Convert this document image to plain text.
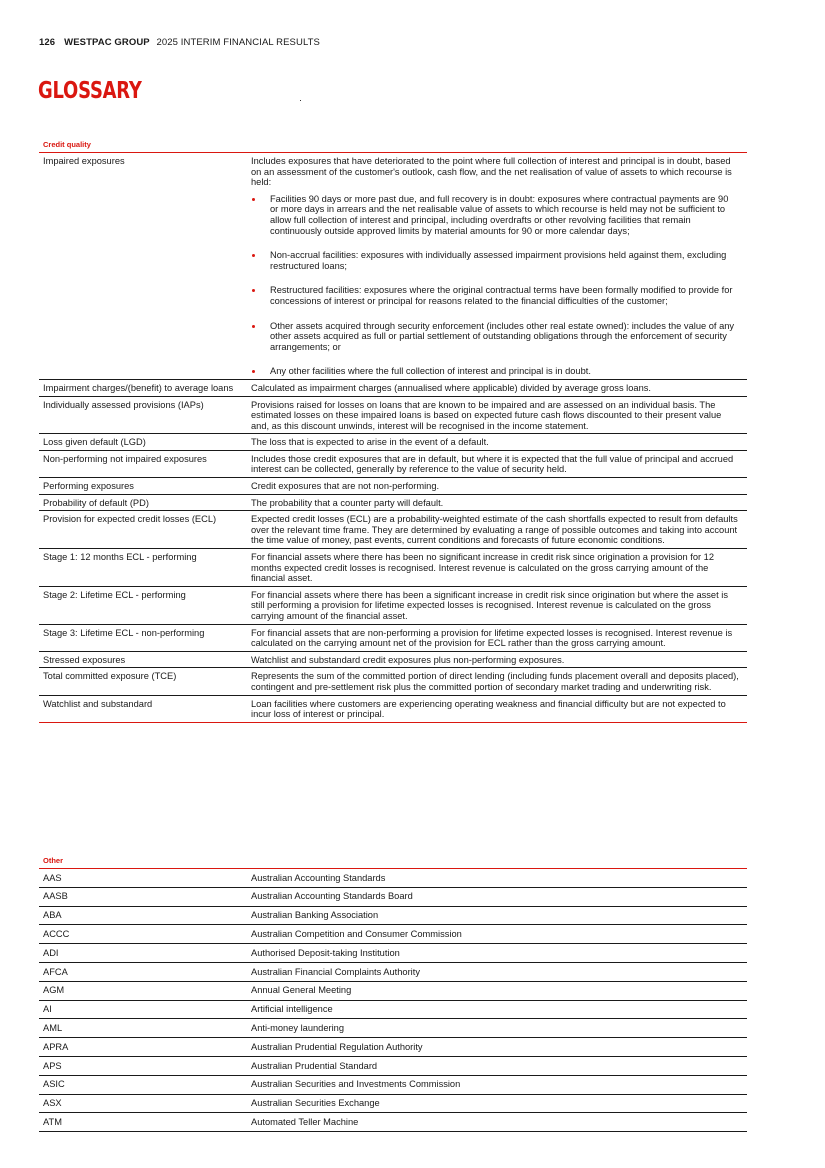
126 WESTPAC GROUP 2025 INTERIM FINANCIAL RESULTS
GLOSSARY
Credit quality
Impaired exposures	Includes exposures that have deteriorated to the point where full collection of interest and principal is in doubt, based on an assessment of the customer's outlook, cash flow, and the net realisation of value of assets to which recourse is held:
Facilities 90 days or more past due, and full recovery is in doubt: exposures where contractual payments are 90 or more days in arrears and the net realisable value of assets to which recourse is held may not be sufficient to allow full collection of interest and principal, including overdrafts or other revolving facilities that remain continuously outside approved limits by material amounts for 90 or more calendar days;
Non-accrual facilities: exposures with individually assessed impairment provisions held against them, excluding restructured loans;
Restructured facilities: exposures where the original contractual terms have been formally modified to provide for concessions of interest or principal for reasons related to the financial difficulties of the customer;
Other assets acquired through security enforcement (includes other real estate owned): includes the value of any other assets acquired as full or partial settlement of outstanding obligations through the enforcement of security arrangements; or
Any other facilities where the full collection of interest and principal is in doubt.
Impairment charges/(benefit) to average loans	Calculated as impairment charges (annualised where applicable) divided by average gross loans.
Individually assessed provisions (IAPs)	Provisions raised for losses on loans that are known to be impaired and are assessed on an individual basis. The estimated losses on these impaired loans is based on expected future cash flows discounted to their present value and, as this discount unwinds, interest will be recognised in the income statement.
Loss given default (LGD)	The loss that is expected to arise in the event of a default.
Non-performing not impaired exposures	Includes those credit exposures that are in default, but where it is expected that the full value of principal and accrued interest can be collected, generally by reference to the value of security held.
Performing exposures	Credit exposures that are not non-performing.
Probability of default (PD)	The probability that a counter party will default.
Provision for expected credit losses (ECL)	Expected credit losses (ECL) are a probability-weighted estimate of the cash shortfalls expected to result from defaults over the relevant time frame. They are determined by evaluating a range of possible outcomes and taking into account the time value of money, past events, current conditions and forecasts of future economic conditions.
Stage 1: 12 months ECL - performing	For financial assets where there has been no significant increase in credit risk since origination a provision for 12 months expected credit losses is recognised. Interest revenue is calculated on the gross carrying amount of the financial asset.
Stage 2: Lifetime ECL - performing	For financial assets where there has been a significant increase in credit risk since origination but where the asset is still performing a provision for lifetime expected losses is recognised. Interest revenue is calculated on the gross carrying amount of the financial asset.
Stage 3: Lifetime ECL - non-performing	For financial assets that are non-performing a provision for lifetime expected losses is recognised. Interest revenue is calculated on the carrying amount net of the provision for ECL rather than the gross carrying amount.
Stressed exposures	Watchlist and substandard credit exposures plus non-performing exposures.
Total committed exposure (TCE)	Represents the sum of the committed portion of direct lending (including funds placement overall and deposits placed), contingent and pre-settlement risk plus the committed portion of secondary market trading and underwriting risk.
Watchlist and substandard	Loan facilities where customers are experiencing operating weakness and financial difficulty but are not expected to incur loss of interest or principal.
Other
AAS	Australian Accounting Standards
AASB	Australian Accounting Standards Board
ABA	Australian Banking Association
ACCC	Australian Competition and Consumer Commission
ADI	Authorised Deposit-taking Institution
AFCA	Australian Financial Complaints Authority
AGM	Annual General Meeting
AI	Artificial intelligence
AML	Anti-money laundering
APRA	Australian Prudential Regulation Authority
APS	Australian Prudential Standard
ASIC	Australian Securities and Investments Commission
ASX	Australian Securities Exchange
ATM	Automated Teller Machine
